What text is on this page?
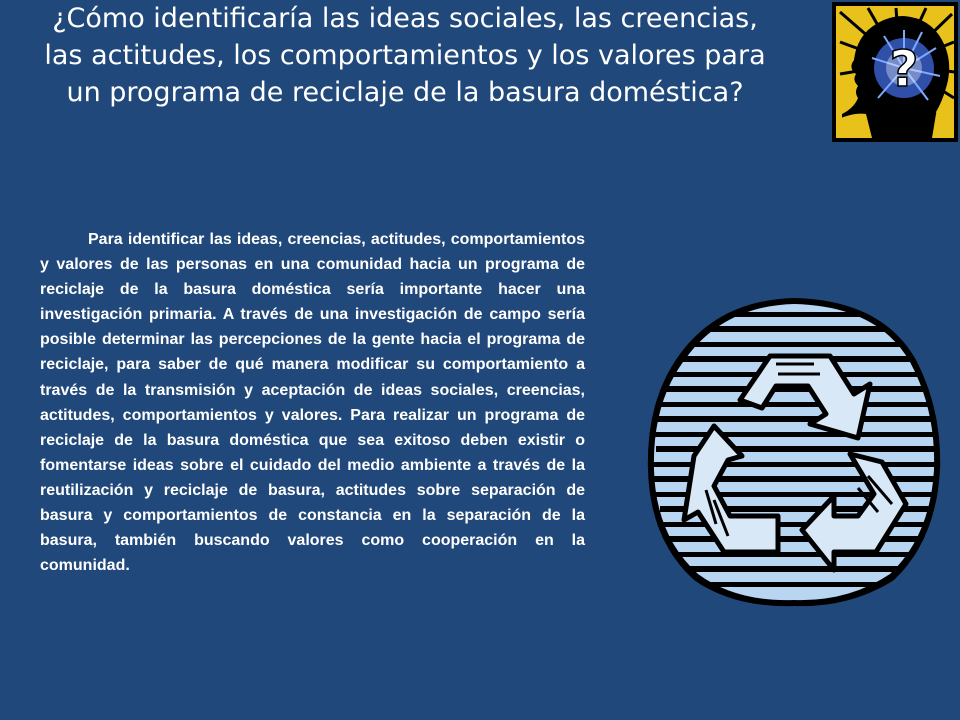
¿Cómo identificaría las ideas sociales, las creencias, las actitudes, los comportamientos y los valores para un programa de reciclaje de la basura doméstica?	?

Para identificar las ideas, creencias, actitudes, comportamientos y valores de las personas en una comunidad hacia un programa de reciclaje de la basura doméstica sería importante hacer una investigación primaria. A través de una investigación de campo sería posible determinar las percepciones de la gente hacia el programa de reciclaje, para saber de qué manera modificar su comportamiento a través de la transmisión y aceptación de ideas sociales, creencias, actitudes, comportamientos y valores. Para realizar un programa de reciclaje de la basura doméstica que sea exitoso deben existir o fomentarse ideas sobre el cuidado del medio ambiente a través de la reutilización y reciclaje de basura, actitudes sobre separación de basura y comportamientos de constancia en la separación de la basura, también buscando valores como cooperación en la comunidad.
